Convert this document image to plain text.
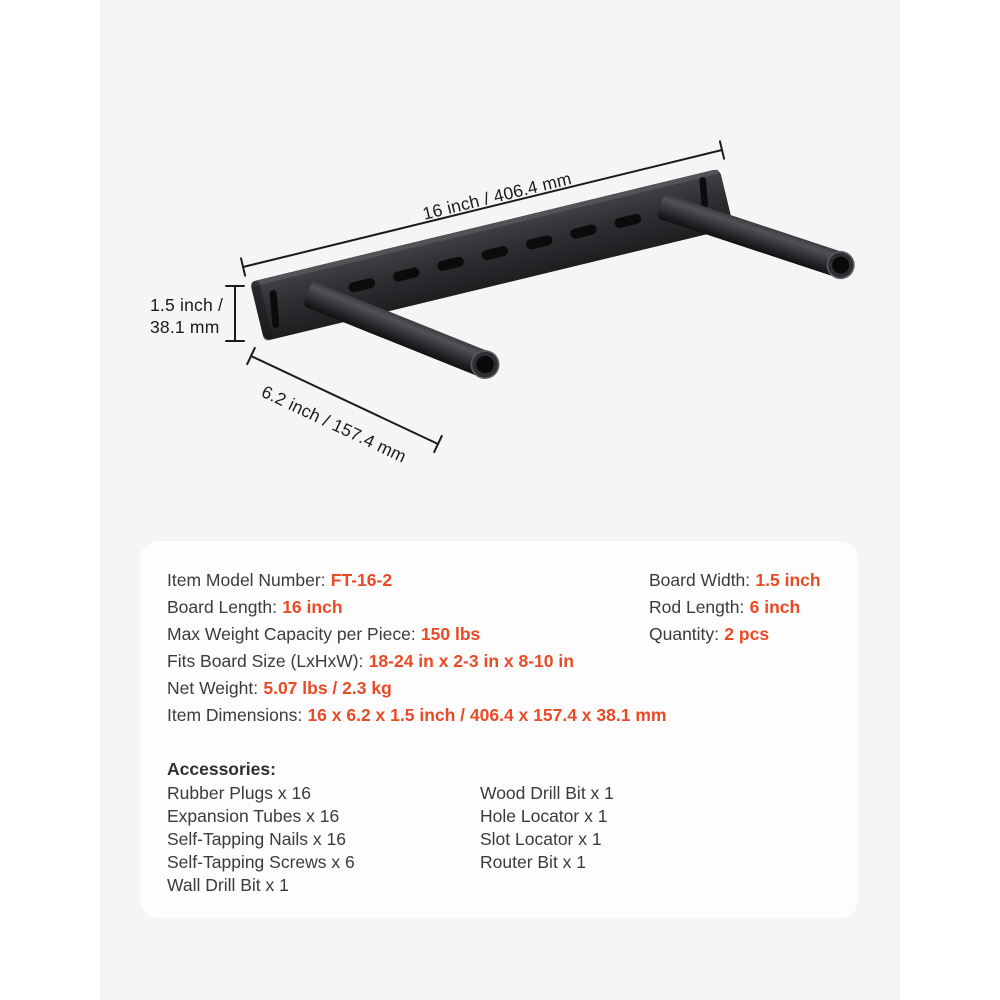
16 inch / 406.4 mm
1.5 inch /
38.1 mm
6.2 inch / 157.4 mm
Item Model Number: FT-16-2
Board Length: 16 inch
Max Weight Capacity per Piece: 150 lbs
Fits Board Size (LxHxW): 18-24 in x 2-3 in x 8-10 in
Net Weight: 5.07 lbs / 2.3 kg
Item Dimensions: 16 x 6.2 x 1.5 inch / 406.4 x 157.4 x 38.1 mm
Board Width: 1.5 inch
Rod Length: 6 inch
Quantity: 2 pcs
Accessories:
Rubber Plugs x 16
Expansion Tubes x 16
Self-Tapping Nails x 16
Self-Tapping Screws x 6
Wall Drill Bit x 1
Wood Drill Bit x 1
Hole Locator x 1
Slot Locator x 1
Router Bit x 1
